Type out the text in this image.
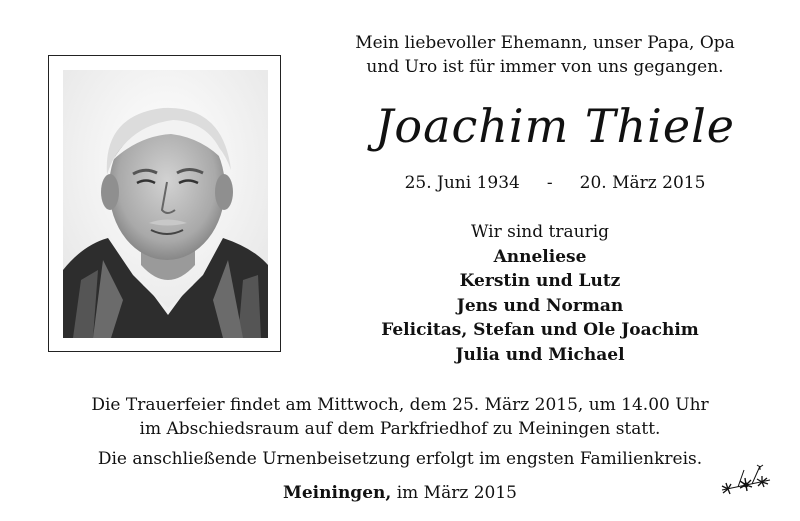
Mein liebevoller Ehemann, unser Papa, Opa
und Uro ist für immer von uns gegangen.
Joachim Thiele
25. Juni 1934 - 20. März 2015
Wir sind traurig
Anneliese
Kerstin und Lutz
Jens und Norman
Felicitas, Stefan und Ole Joachim
Julia und Michael

Die Trauerfeier findet am Mittwoch, dem 25. März 2015, um 14.00 Uhr

im Abschiedsraum auf dem Parkfriedhof zu Meiningen statt.

Die anschließende Urnenbeisetzung erfolgt im engsten Familienkreis.

Meiningen, im März 2015
